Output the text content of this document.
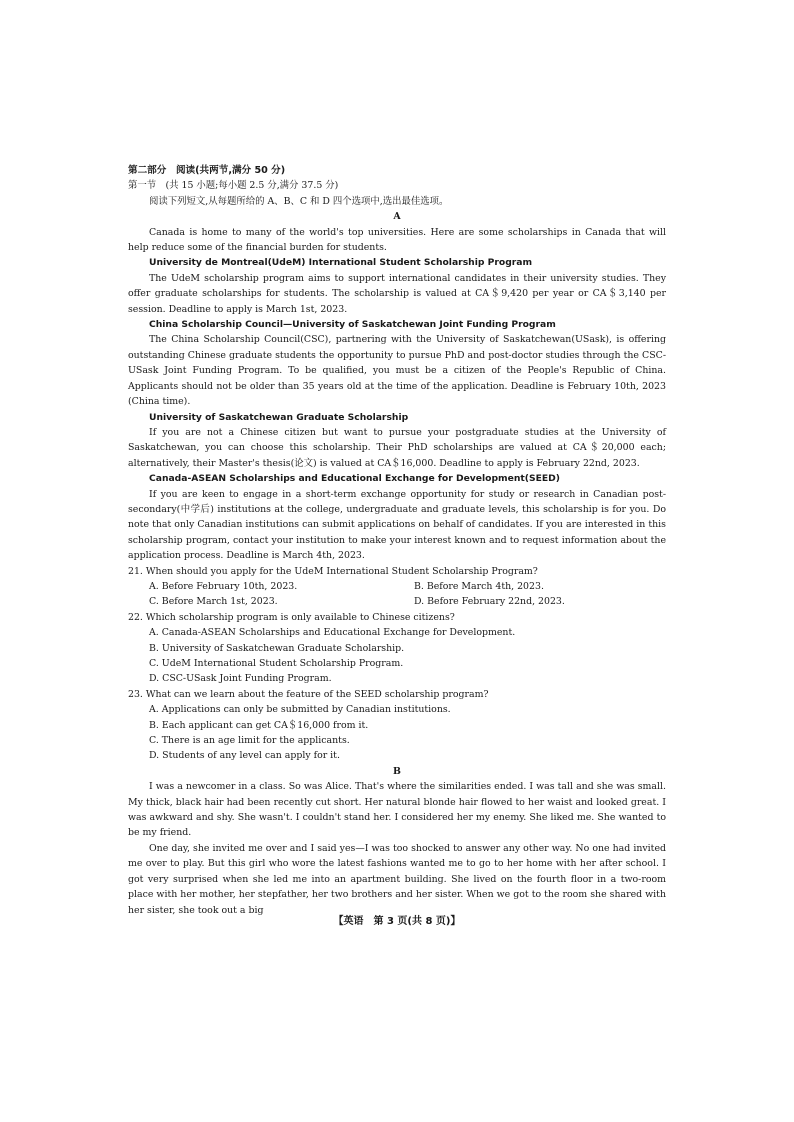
第二部分　阅读(共两节,满分 50 分)

第一节　(共 15 小题;每小题 2.5 分,满分 37.5 分)

阅读下列短文,从每题所给的 A、B、C 和 D 四个选项中,选出最佳选项。

A

Canada is home to many of the world's top universities. Here are some scholarships in Canada that will help reduce some of the financial burden for students.

University de Montreal(UdeM) International Student Scholarship Program

The UdeM scholarship program aims to support international candidates in their university studies. They offer graduate scholarships for students. The scholarship is valued at CA＄9,420 per year or CA＄3,140 per session. Deadline to apply is March 1st, 2023.

China Scholarship Council—University of Saskatchewan Joint Funding Program

The China Scholarship Council(CSC), partnering with the University of Saskatchewan(USask), is offering outstanding Chinese graduate students the opportunity to pursue PhD and post-doctor studies through the CSC-USask Joint Funding Program. To be qualified, you must be a citizen of the People's Republic of China. Applicants should not be older than 35 years old at the time of the application. Deadline is February 10th, 2023 (China time).

University of Saskatchewan Graduate Scholarship

If you are not a Chinese citizen but want to pursue your postgraduate studies at the University of Saskatchewan, you can choose this scholarship. Their PhD scholarships are valued at CA＄20,000 each; alternatively, their Master's thesis(论文) is valued at CA＄16,000. Deadline to apply is February 22nd, 2023.

Canada-ASEAN Scholarships and Educational Exchange for Development(SEED)

If you are keen to engage in a short-term exchange opportunity for study or research in Canadian post-secondary(中学后) institutions at the college, undergraduate and graduate levels, this scholarship is for you. Do note that only Canadian institutions can submit applications on behalf of candidates. If you are interested in this scholarship program, contact your institution to make your interest known and to request information about the application process. Deadline is March 4th, 2023.

21. When should you apply for the UdeM International Student Scholarship Program?

A. Before February 10th, 2023.	B. Before March 4th, 2023.
C. Before March 1st, 2023.	D. Before February 22nd, 2023.

22. Which scholarship program is only available to Chinese citizens?

A. Canada-ASEAN Scholarships and Educational Exchange for Development.

B. University of Saskatchewan Graduate Scholarship.

C. UdeM International Student Scholarship Program.

D. CSC-USask Joint Funding Program.

23. What can we learn about the feature of the SEED scholarship program?

A. Applications can only be submitted by Canadian institutions.

B. Each applicant can get CA＄16,000 from it.

C. There is an age limit for the applicants.

D. Students of any level can apply for it.

B

I was a newcomer in a class. So was Alice. That's where the similarities ended. I was tall and she was small. My thick, black hair had been recently cut short. Her natural blonde hair flowed to her waist and looked great. I was awkward and shy. She wasn't. I couldn't stand her. I considered her my enemy. She liked me. She wanted to be my friend.

One day, she invited me over and I said yes—I was too shocked to answer any other way. No one had invited me over to play. But this girl who wore the latest fashions wanted me to go to her home with her after school. I got very surprised when she led me into an apartment building. She lived on the fourth floor in a two-room place with her mother, her stepfather, her two brothers and her sister. When we got to the room she shared with her sister, she took out a big

【英语　第 3 页(共 8 页)】
